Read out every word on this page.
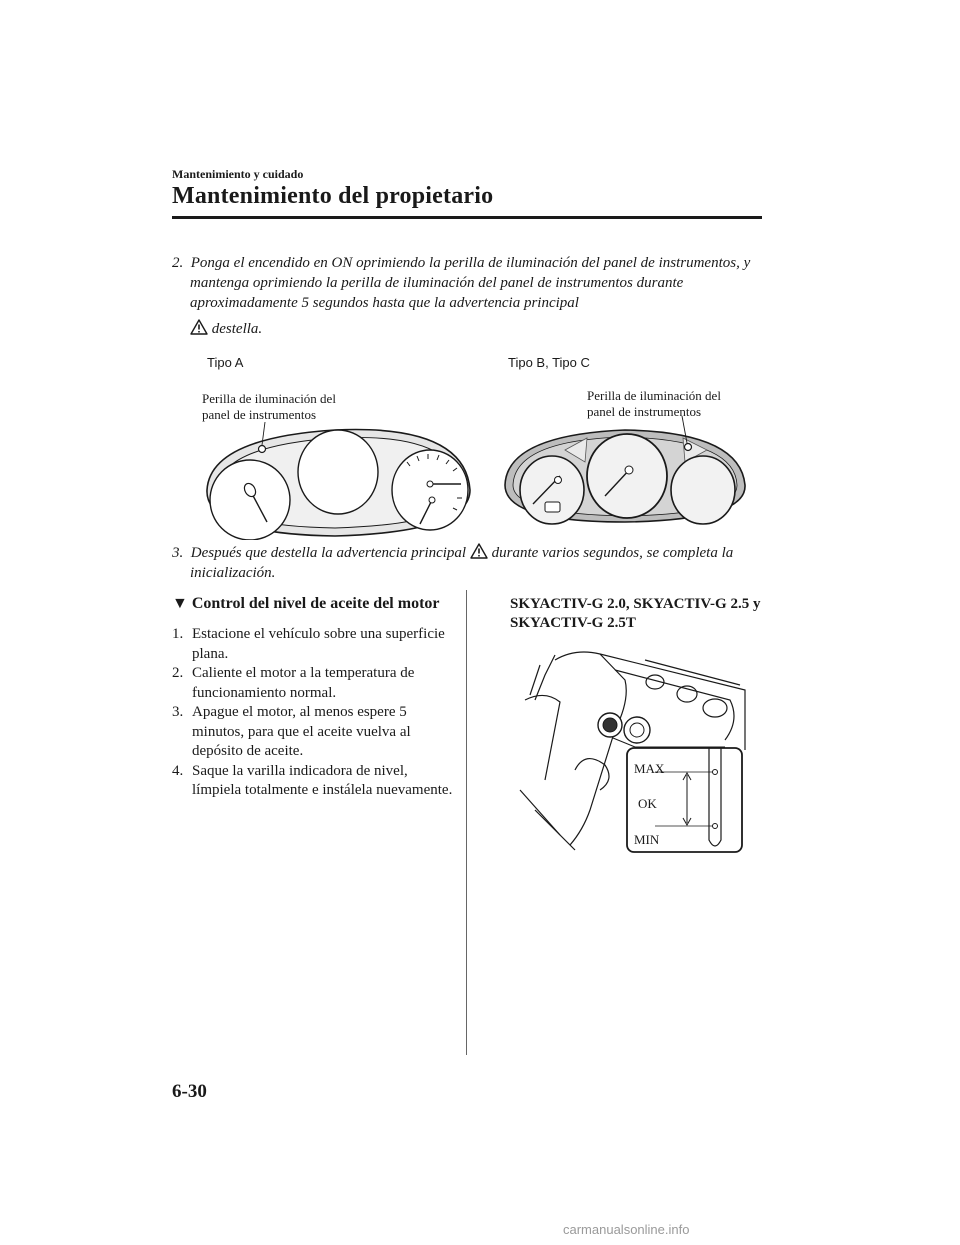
Mantenimiento y cuidado
Mantenimiento del propietario
2. Ponga el encendido en ON oprimiendo la perilla de iluminación del panel de instrumentos, y mantenga oprimiendo la perilla de iluminación del panel de instrumentos durante aproximadamente 5 segundos hasta que la advertencia principal
destella.
Tipo A	Tipo B, Tipo C
Perilla de iluminación del
panel de instrumentos
Perilla de iluminación del
panel de instrumentos
3. Después que destella la advertencia principal durante varios segundos, se completa la inicialización.
▼ Control del nivel de aceite del motor
1. Estacione el vehículo sobre una superficie plana.
2. Caliente el motor a la temperatura de funcionamiento normal.
3. Apague el motor, al menos espere 5 minutos, para que el aceite vuelva al depósito de aceite.
4. Saque la varilla indicadora de nivel, límpiela totalmente e instálela nuevamente.
SKYACTIV-G 2.0, SKYACTIV-G 2.5 y SKYACTIV-G 2.5T
MAX
OK
MIN
6-30
carmanualsonline.info
